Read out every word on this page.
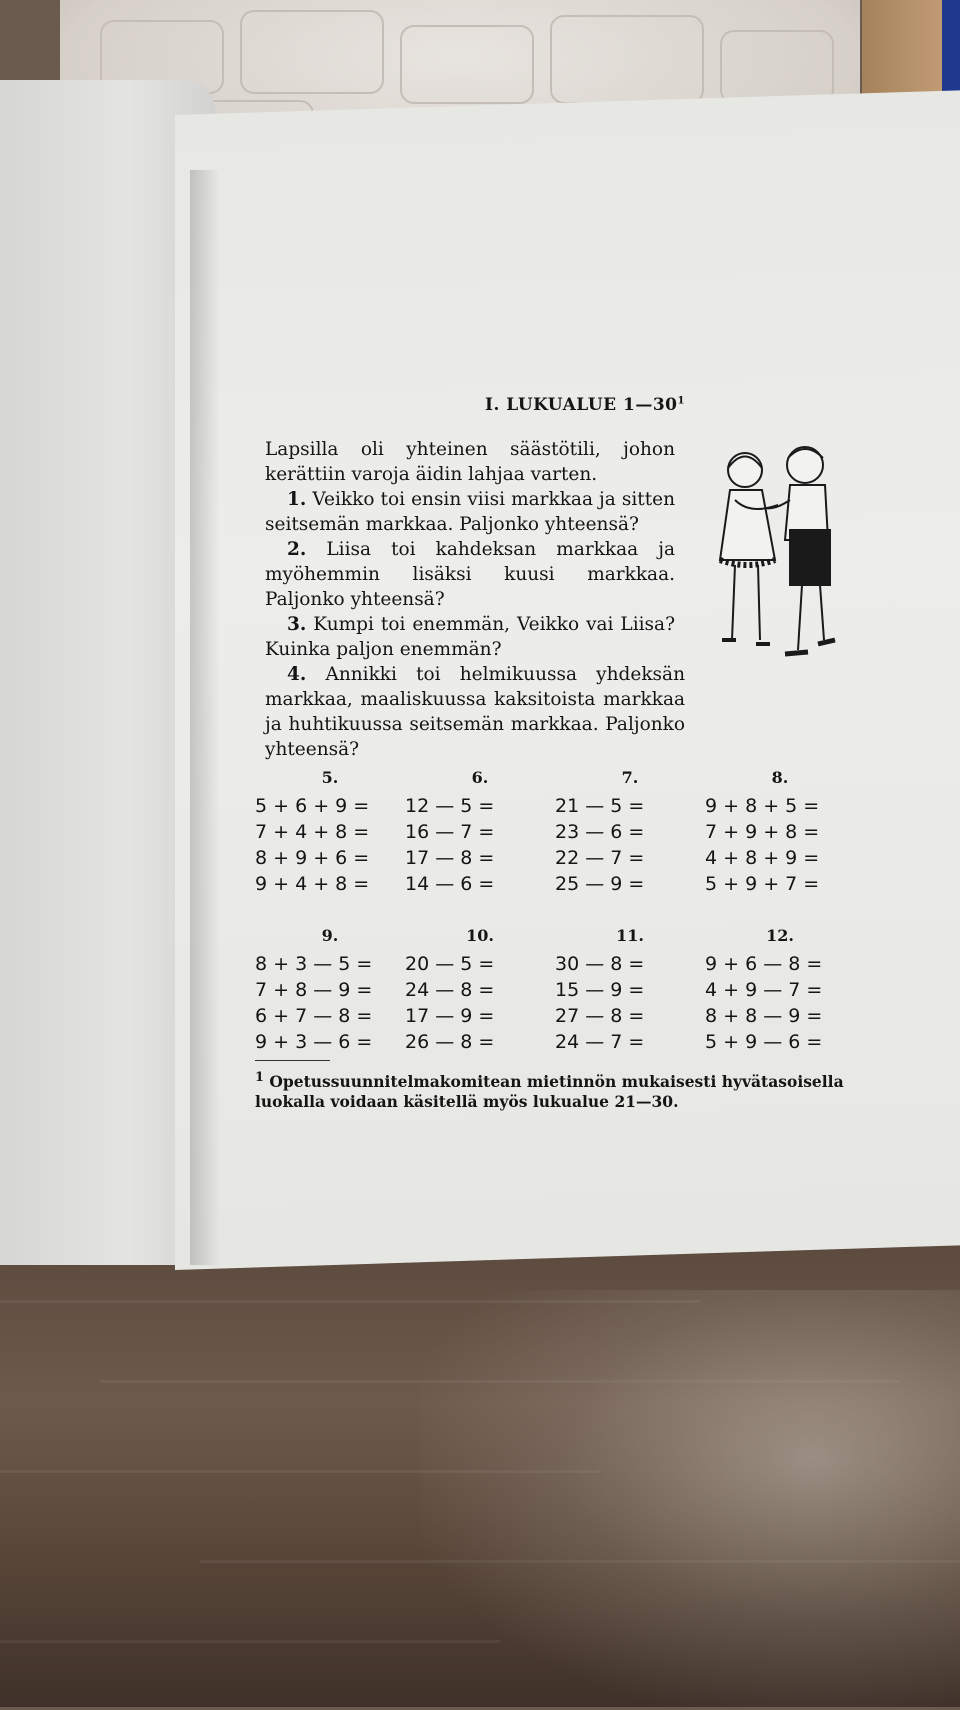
I. LUKUALUE $1—30^1$
Lapsilla oli yhteinen säästötili, johon kerättiin varoja äidin lahjaa varten.
1. Veikko toi ensin viisi markkaa ja sitten seitsemän markkaa. Paljonko yhteensä?
2. Liisa toi kahdeksan markkaa ja myöhemmin lisäksi kuusi markkaa. Paljonko yhteensä?
3. Kumpi toi enemmän, Veikko vai Liisa? Kuinka paljon enemmän?
4. Annikki toi helmikuussa yhdeksän markkaa, maaliskuussa kaksitoista markkaa ja huhtikuussa seitsemän markkaa. Paljonko yhteensä?
5.
5 + 6 + 9 =
7 + 4 + 8 =
8 + 9 + 6 =
9 + 4 + 8 =
6.
12 — 5 =
16 — 7 =
17 — 8 =
14 — 6 =
7.
21 — 5 =
23 — 6 =
22 — 7 =
25 — 9 =
8.
9 + 8 + 5 =
7 + 9 + 8 =
4 + 8 + 9 =
5 + 9 + 7 =
9.
8 + 3 — 5 =
7 + 8 — 9 =
6 + 7 — 8 =
9 + 3 — 6 =
10.
20 — 5 =
24 — 8 =
17 — 9 =
26 — 8 =
11.
30 — 8 =
15 — 9 =
27 — 8 =
24 — 7 =
12.
9 + 6 — 8 =
4 + 9 — 7 =
8 + 8 — 9 =
5 + 9 — 6 =
$^1$ Opetussuunnitelmakomitean mietinnön mukaisesti hyvätasoisella luokalla voidaan käsitellä myös lukualue 21—30.
